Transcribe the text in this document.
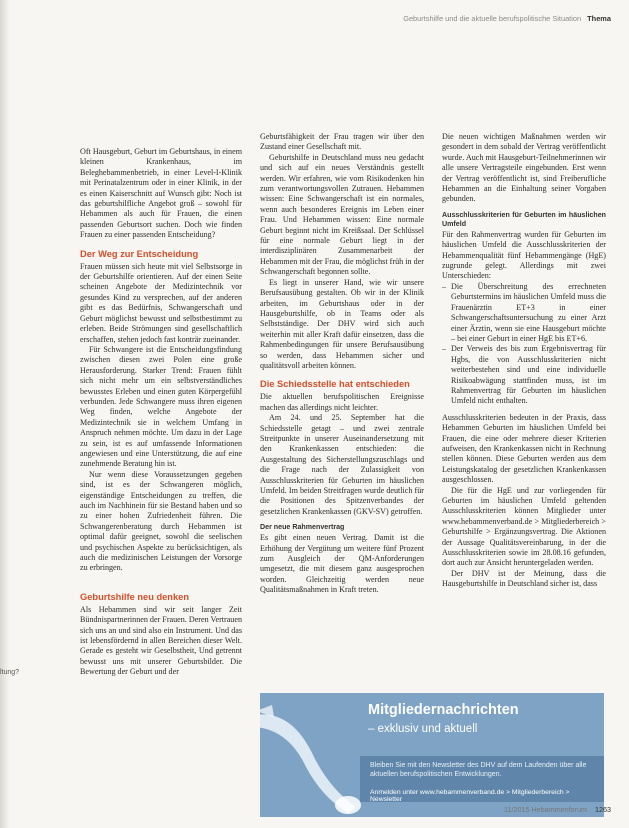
ltung?
Geburtshilfe und die aktuelle berufspolitische Situation Thema

Oft Hausgeburt, Geburt im Geburtshaus, in einem kleinen Krankenhaus, im Beleghebammenbetrieb, in einer Level-I-Klinik mit Perinatalzentrum oder in einer Klinik, in der es einen Kaiserschnitt auf Wunsch gibt: Noch ist das geburtshilfliche Angebot groß – sowohl für Hebammen als auch für Frauen, die einen passenden Geburtsort suchen. Doch wie finden Frauen zu einer passenden Entscheidung?

Der Weg zur Entscheidung

Frauen müssen sich heute mit viel Selbstsorge in der Geburtshilfe orientieren. Auf der einen Seite scheinen Angebote der Medizintechnik vor gesundes Kind zu versprechen, auf der anderen gibt es das Bedürfnis, Schwangerschaft und Geburt möglichst bewusst und selbstbestimmt zu erleben. Beide Strömungen sind gesellschaftlich erschaffen, stehen jedoch fast konträr zueinander.

Für Schwangere ist die Entscheidungsfindung zwischen diesen zwei Polen eine große Herausforderung. Starker Trend: Frauen fühlt sich nicht mehr um ein selbstverständliches bewusstes Erleben und einen guten Körpergefühl verbunden. Jede Schwangere muss ihren eigenen Weg finden, welche Angebote der Medizintechnik sie in welchem Umfang in Anspruch nehmen möchte. Um dazu in der Lage zu sein, ist es auf umfassende Informationen angewiesen und eine Unterstützung, die auf eine zunehmende Beratung hin ist.

Nur wenn diese Voraussetzungen gegeben sind, ist es der Schwangeren möglich, eigenständige Entscheidungen zu treffen, die auch im Nachhinein für sie Bestand haben und so zu einer hohen Zufriedenheit führen. Die Schwangerenberatung durch Hebammen ist optimal dafür geeignet, sowohl die seelischen und psychischen Aspekte zu berücksichtigen, als auch die medizinischen Leistungen der Vorsorge zu erbringen.

Geburtshilfe neu denken

Als Hebammen sind wir seit langer Zeit Bündnispartnerinnen der Frauen. Deren Vertrauen sich uns an und sind also ein Instrument. Und das ist lebensfördernd in allen Bereichen dieser Welt. Gerade es gesteht wir Geselbstheit, Und getrennt bewusst uns mit unserer Geburtsbilder. Die Bewertung der Geburt und der

Geburtsfähigkeit der Frau tragen wir über den Zustand einer Gesellschaft mit.

Geburtshilfe in Deutschland muss neu gedacht und sich auf ein neues Verständnis gestellt werden. Wir erfahren, wie vom Risikodenken hin zum verantwortungsvollen Zutrauen. Hebammen wissen: Eine Schwangerschaft ist ein normales, wenn auch besonderes Ereignis im Leben einer Frau. Und Hebammen wissen: Eine normale Geburt beginnt nicht im Kreißsaal. Der Schlüssel für eine normale Geburt liegt in der interdisziplinären Zusammenarbeit der Hebammen mit der Frau, die möglichst früh in der Schwangerschaft begonnen sollte.

Es liegt in unserer Hand, wie wir unsere Berufsausübung gestalten. Ob wir in der Klinik arbeiten, im Geburtshaus oder in der Hausgeburtshilfe, ob in Teams oder als Selbstständige. Der DHV wird sich auch weiterhin mit aller Kraft dafür einsetzen, dass die Rahmenbedingungen für unsere Berufsausübung so werden, dass Hebammen sicher und qualitätsvoll arbeiten können.

Die Schiedsstelle hat entschieden

Die aktuellen berufspolitischen Ereignisse machen das allerdings nicht leichter.

Am 24. und 25. September hat die Schiedsstelle getagt – und zwei zentrale Streitpunkte in unserer Auseinandersetzung mit den Krankenkassen entschieden: die Ausgestaltung des Sicherstellungszuschlags und die Frage nach der Zulassigkeit von Ausschlusskriterien für Geburten im häuslichen Umfeld. Im beiden Streitfragen wurde deutlich für die Positionen des Spitzenverbandes der gesetzlichen Krankenkassen (GKV-SV) getroffen.

Der neue Rahmenvertrag

Es gibt einen neuen Vertrag. Damit ist die Erhöhung der Vergütung um weitere fünf Prozent zum Ausgleich der QM-Anforderungen umgesetzt, die mit diesem ganz ausgesprochen worden. Gleichzeitig werden neue Qualitätsmaßnahmen in Kraft treten.

Die neuen wichtigen Maßnahmen werden wir gesondert in dem sobald der Vertrag veröffentlicht wurde. Auch mit Hausgeburt-Teilnehmerinnen wir alle unsere Vertragsteile eingebunden. Erst wenn der Vertrag veröffentlicht ist, sind Freiberufliche Hebammen an die Einhaltung seiner Vorgaben gebunden.

Ausschlusskriterien für Geburten im häuslichen Umfeld

Für den Rahmenvertrag wurden für Geburten im häuslichen Umfeld die Ausschlusskriterien der Hebammenqualität fünf Hebammengänge (HgE) zugrunde gelegt. Allerdings mit zwei Unterschieden:

– Die Überschreitung des errechneten Geburtstermins im häuslichen Umfeld muss die Frauenärztin ET+3 in einer Schwangerschaftsuntersuchung zu einer Arzt einer Ärztin, wenn sie eine Hausgeburt möchte – bei einer Geburt in einer HgE bis ET+6.
– Der Verweis des bis zum Ergebnisvertrag für Hgbs, die von Ausschlusskriterien nicht weiterbestehen sind und eine individuelle Risikoabwägung stattfinden muss, ist im Rahmenvertrag für Geburten im häuslichen Umfeld nicht enthalten.

Ausschlusskriterien bedeuten in der Praxis, dass Hebammen Geburten im häuslichen Umfeld bei Frauen, die eine oder mehrere dieser Kriterien aufweisen, den Krankenkassen nicht in Rechnung stellen können. Diese Geburten werden aus dem Leistungskatalog der gesetzlichen Krankenkassen ausgeschlossen.

Die für die HgE und zur vorliegenden für Geburten im häuslichen Umfeld geltenden Ausschlusskriterien können Mitglieder unter www.hebammenverband.de > Mitgliederbereich > Geburtshilfe > Ergänzungsvertrag. Die Aktionen der Aussage Qualitätsvereinbarung, in der die Ausschlusskriterien sowie im 28.08.16 gefunden, dort auch zur Ansicht heruntergeladen werden.

Der DHV ist der Meinung, dass die Hausgeburtshilfe in Deutschland sicher ist, dass

Mitgliedernachrichten
– exklusiv und aktuell
Bleiben Sie mit den Newsletter des DHV auf dem Laufenden über alle aktuellen berufspolitischen Entwicklungen.
Anmelden unter www.hebammenverband.de > Mitgliederbereich > Newsletter
11/2015 Hebammenforum 1263
